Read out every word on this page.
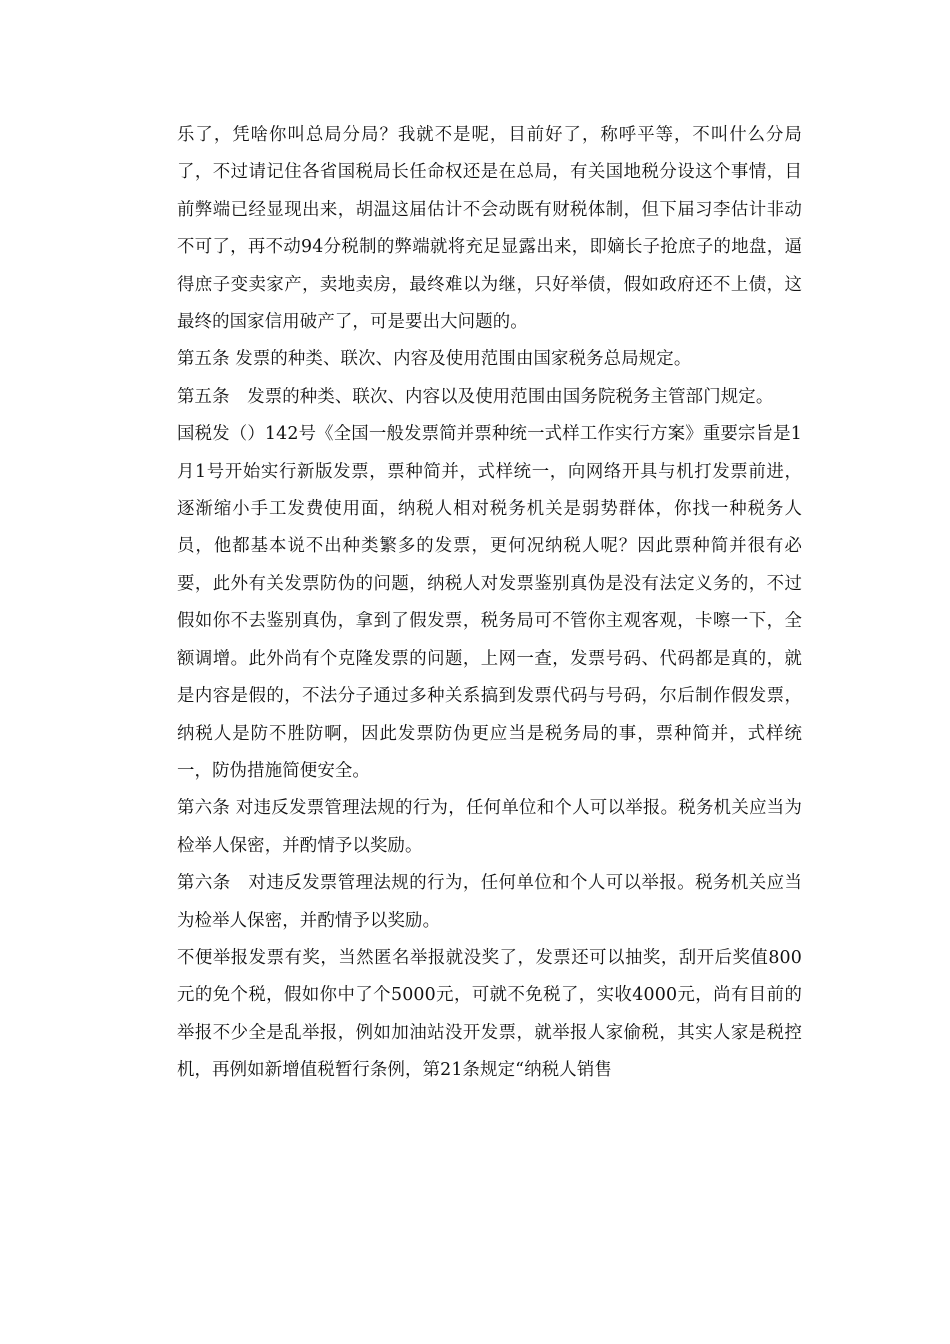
乐了，凭啥你叫总局分局？我就不是呢，目前好了，称呼平等，不叫什么分局了，不过请记住各省国税局长任命权还是在总局，有关国地税分设这个事情，目前弊端已经显现出来，胡温这届估计不会动既有财税体制，但下届习李估计非动不可了，再不动94分税制的弊端就将充足显露出来，即嫡长子抢庶子的地盘，逼得庶子变卖家产，卖地卖房，最终难以为继，只好举债，假如政府还不上债，这最终的国家信用破产了，可是要出大问题的。

第五条 发票的种类、联次、内容及使用范围由国家税务总局规定。

第五条　发票的种类、联次、内容以及使用范围由国务院税务主管部门规定。

国税发（）142号《全国一般发票简并票种统一式样工作实行方案》重要宗旨是1月1号开始实行新版发票，票种简并，式样统一，向网络开具与机打发票前进，逐渐缩小手工发费使用面，纳税人相对税务机关是弱势群体，你找一种税务人员，他都基本说不出种类繁多的发票，更何况纳税人呢？因此票种简并很有必要，此外有关发票防伪的问题，纳税人对发票鉴别真伪是没有法定义务的，不过假如你不去鉴别真伪，拿到了假发票，税务局可不管你主观客观，卡嚓一下，全额调增。此外尚有个克隆发票的问题，上网一查，发票号码、代码都是真的，就是内容是假的，不法分子通过多种关系搞到发票代码与号码，尔后制作假发票，纳税人是防不胜防啊，因此发票防伪更应当是税务局的事，票种简并，式样统一，防伪措施简便安全。

第六条 对违反发票管理法规的行为，任何单位和个人可以举报。税务机关应当为检举人保密，并酌情予以奖励。

第六条　对违反发票管理法规的行为，任何单位和个人可以举报。税务机关应当为检举人保密，并酌情予以奖励。

不便举报发票有奖，当然匿名举报就没奖了，发票还可以抽奖，刮开后奖值800元的免个税，假如你中了个5000元，可就不免税了，实收4000元，尚有目前的举报不少全是乱举报，例如加油站没开发票，就举报人家偷税，其实人家是税控机，再例如新增值税暂行条例，第21条规定“纳税人销售
